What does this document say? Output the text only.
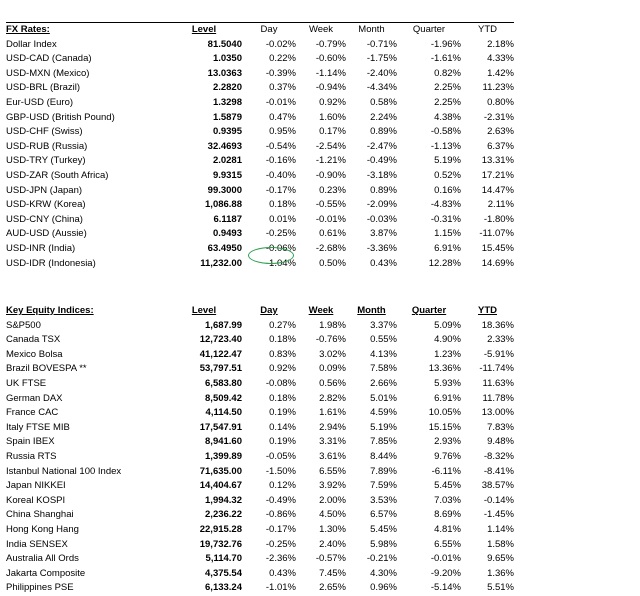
FX Rates:	Level	Day	Week	Month	Quarter	YTD
Dollar Index	81.5040	-0.02%	-0.79%	-0.71%	-1.96%	2.18%
USD-CAD (Canada)	1.0350	0.22%	-0.60%	-1.75%	-1.61%	4.33%
USD-MXN (Mexico)	13.0363	-0.39%	-1.14%	-2.40%	0.82%	1.42%
USD-BRL (Brazil)	2.2820	0.37%	-0.94%	-4.34%	2.25%	11.23%
Eur-USD (Euro)	1.3298	-0.01%	0.92%	0.58%	2.25%	0.80%
GBP-USD (British Pound)	1.5879	0.47%	1.60%	2.24%	4.38%	-2.31%
USD-CHF (Swiss)	0.9395	0.95%	0.17%	0.89%	-0.58%	2.63%
USD-RUB (Russia)	32.4693	-0.54%	-2.54%	-2.47%	-1.13%	6.37%
USD-TRY (Turkey)	2.0281	-0.16%	-1.21%	-0.49%	5.19%	13.31%
USD-ZAR (South Africa)	9.9315	-0.40%	-0.90%	-3.18%	0.52%	17.21%
USD-JPN (Japan)	99.3000	-0.17%	0.23%	0.89%	0.16%	14.47%
USD-KRW (Korea)	1,086.88	0.18%	-0.55%	-2.09%	-4.83%	2.11%
USD-CNY (China)	6.1187	0.01%	-0.01%	-0.03%	-0.31%	-1.80%
AUD-USD (Aussie)	0.9493	-0.25%	0.61%	3.87%	1.15%	-11.07%
USD-INR (India)	63.4950	-0.06%	-2.68%	-3.36%	6.91%	15.45%
USD-IDR (Indonesia)	11,232.00	-1.04%	0.50%	0.43%	12.28%	14.69%
Key Equity Indices:	Level	Day	Week	Month	Quarter	YTD
S&P500	1,687.99	0.27%	1.98%	3.37%	5.09%	18.36%
Canada TSX	12,723.40	0.18%	-0.76%	0.55%	4.90%	2.33%
Mexico Bolsa	41,122.47	0.83%	3.02%	4.13%	1.23%	-5.91%
Brazil BOVESPA **	53,797.51	0.92%	0.09%	7.58%	13.36%	-11.74%
UK FTSE	6,583.80	-0.08%	0.56%	2.66%	5.93%	11.63%
German DAX	8,509.42	0.18%	2.82%	5.01%	6.91%	11.78%
France CAC	4,114.50	0.19%	1.61%	4.59%	10.05%	13.00%
Italy FTSE MIB	17,547.91	0.14%	2.94%	5.19%	15.15%	7.83%
Spain IBEX	8,941.60	0.19%	3.31%	7.85%	2.93%	9.48%
Russia RTS	1,399.89	-0.05%	3.61%	8.44%	9.76%	-8.32%
Istanbul National 100 Index	71,635.00	-1.50%	6.55%	7.89%	-6.11%	-8.41%
Japan NIKKEI	14,404.67	0.12%	3.92%	7.59%	5.45%	38.57%
Koreal KOSPI	1,994.32	-0.49%	2.00%	3.53%	7.03%	-0.14%
China Shanghai	2,236.22	-0.86%	4.50%	6.57%	8.69%	-1.45%
Hong Kong Hang	22,915.28	-0.17%	1.30%	5.45%	4.81%	1.14%
India SENSEX	19,732.76	-0.25%	2.40%	5.98%	6.55%	1.58%
Australia All Ords	5,114.70	-2.36%	-0.57%	-0.21%	-0.01%	9.65%
Jakarta Composite	4,375.54	0.43%	7.45%	4.30%	-9.20%	1.36%
Philippines PSE	6,133.24	-1.01%	2.65%	0.96%	-5.14%	5.51%
